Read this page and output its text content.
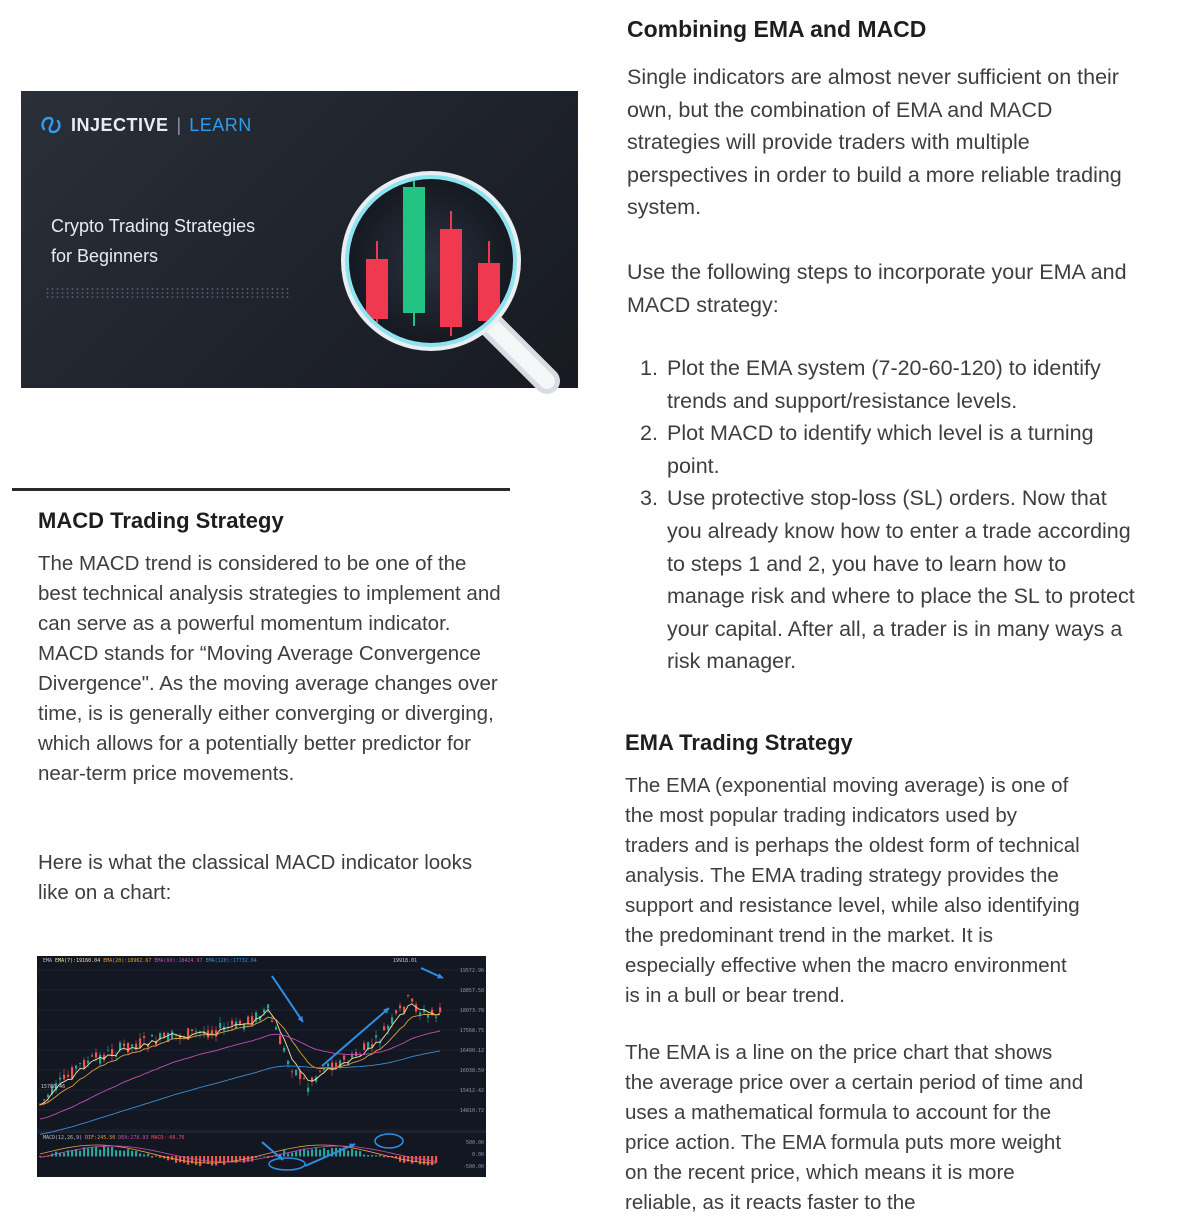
INJECTIVE | LEARN
Crypto Trading Strategies
for Beginners
Combining EMA and MACD
Single indicators are almost never sufficient on their own, but the combination of EMA and MACD strategies will provide traders with multiple perspectives in order to build a more reliable trading system.
Use the following steps to incorporate your EMA and MACD strategy:
1. Plot the EMA system (7-20-60-120) to identify trends and support/resistance levels.
2. Plot MACD to identify which level is a turning point.
3. Use protective stop-loss (SL) orders. Now that you already know how to enter a trade according to steps 1 and 2, you have to learn how to manage risk and where to place the SL to protect your capital. After all, a trader is in many ways a risk manager.
MACD Trading Strategy
The MACD trend is considered to be one of the best technical analysis strategies to implement and can serve as a powerful momentum indicator. MACD stands for “Moving Average Convergence Divergence". As the moving average changes over time, is is generally either converging or diverging, which allows for a potentially better predictor for near-term price movements.
Here is what the classical MACD indicator looks like on a chart:
EMA Trading Strategy
The EMA (exponential moving average) is one of the most popular trading indicators used by traders and is perhaps the oldest form of technical analysis. The EMA trading strategy provides the support and resistance level, while also identifying the predominant trend in the market. It is especially effective when the macro environment is in a bull or bear trend.
The EMA is a line on the price chart that shows the average price over a certain period of time and uses a mathematical formula to account for the price action. The EMA formula puts more weight on the recent price, which means it is more reliable, as it reacts faster to the
EMA EMA(7):19160.04 EMA(20):18962.67 EMA(60):18424.97 EMA(120):17732.04
MACD(12,26,9) DIF:245.50 DEA:278.93 MACD:-66.76
19572.96
18857.58
18073.78
17568.75
16490.12
16038.59
15412.42
14810.72
500.00
0.00
-500.00
19918.01
15786.46
